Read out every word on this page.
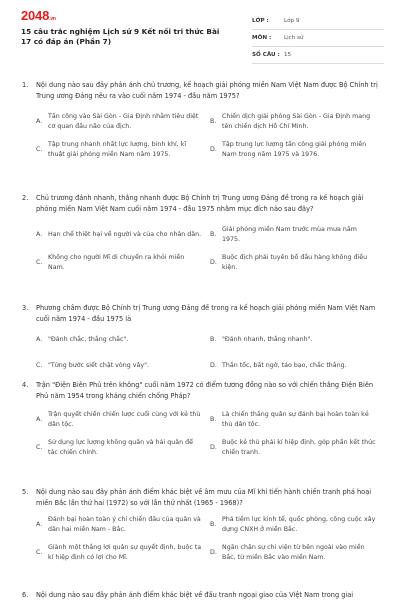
2048.vn
15 câu trắc nghiệm Lịch sử 9 Kết nối tri thức Bài 17 có đáp án (Phần 7)
LỚP :	Lớp 9
MÔN :	Lịch sử
SỐ CÂU : 15
1.	Nội dung nào sau đây phản ánh chủ trương, kế hoạch giải phóng miền Nam Việt Nam được Bộ Chính trị Trung ương Đảng nêu ra vào cuối năm 1974 - đầu năm 1975?
A.
Tấn công vào Sài Gòn - Gia Định nhằm tiêu diệt cơ quan đầu não của địch.
B.
Chiến dịch giải phóng Sài Gòn - Gia Định mang tên chiến dịch Hồ Chí Minh.
C.
Tập trung nhanh nhất lực lượng, binh khí, kĩ thuật giải phóng miền Nam năm 1975.
D.
Tập trung lực lượng tấn công giải phóng miền Nam trong năm 1975 và 1976.
2.	Chủ trương đánh nhanh, thắng nhanh được Bộ Chính trị Trung ương Đảng đề trong ra kế hoạch giải phóng miền Nam Việt Nam cuối năm 1974 - đầu 1975 nhằm mục đích nào sau đây?
A. Hạn chế thiệt hại về người và của cho nhân dân.	B.
Giải phóng miền Nam trước mùa mưa năm 1975.
C.
Không cho người Mĩ di chuyển ra khỏi miền Nam.
D.
Buộc địch phải tuyên bố đầu hàng không điều kiện.
3.	Phương châm được Bộ Chính trị Trung ương Đảng đề trong ra kế hoạch giải phóng miền Nam Việt Nam cuối năm 1974 - đầu 1975 là
A. "Đánh chắc, thắng chắc".	B. "Đánh nhanh, thắng nhanh".
C. "Từng bước siết chặt vòng vây".	D. Thần tốc, bất ngờ, táo bạo, chắc thắng.
4.	Trận "Điện Biên Phủ trên không" cuối năm 1972 có điểm tương đồng nào so với chiến thắng Điện Biên Phủ năm 1954 trong kháng chiến chống Pháp?
A.
Trận quyết chiến chiến lược cuối cùng với kẻ thù dân tộc.
B.
Là chiến thắng quân sự đánh bại hoàn toàn kẻ thù dân tộc.
C.
Sử dụng lực lượng không quân và hải quân để tác chiến chính.
D.
Buộc kẻ thù phải kí hiệp định, góp phần kết thúc chiến tranh.
5.	Nội dung nào sau đây phản ánh điểm khác biệt về âm mưu của Mĩ khi tiến hành chiến tranh phá hoại miền Bắc lần thứ hai (1972) so với lần thứ nhất (1965 - 1968)?
A.
Đánh bại hoàn toàn ý chí chiến đấu của quân và dân hai miền Nam - Bắc.
B.
Phá tiềm lực kinh tế, quốc phòng, công cuộc xây dựng CNXH ở miền Bắc.
C.
Giành một thắng lợi quân sự quyết định, buộc ta kí hiệp định có lợi cho Mĩ.
D.
Ngăn chặn sự chi viện từ bên ngoài vào miền Bắc, từ miền Bắc vào miền Nam.
6.	Nội dung nào sau đây phản ánh điểm khác biệt về đấu tranh ngoại giao của Việt Nam trong giai
